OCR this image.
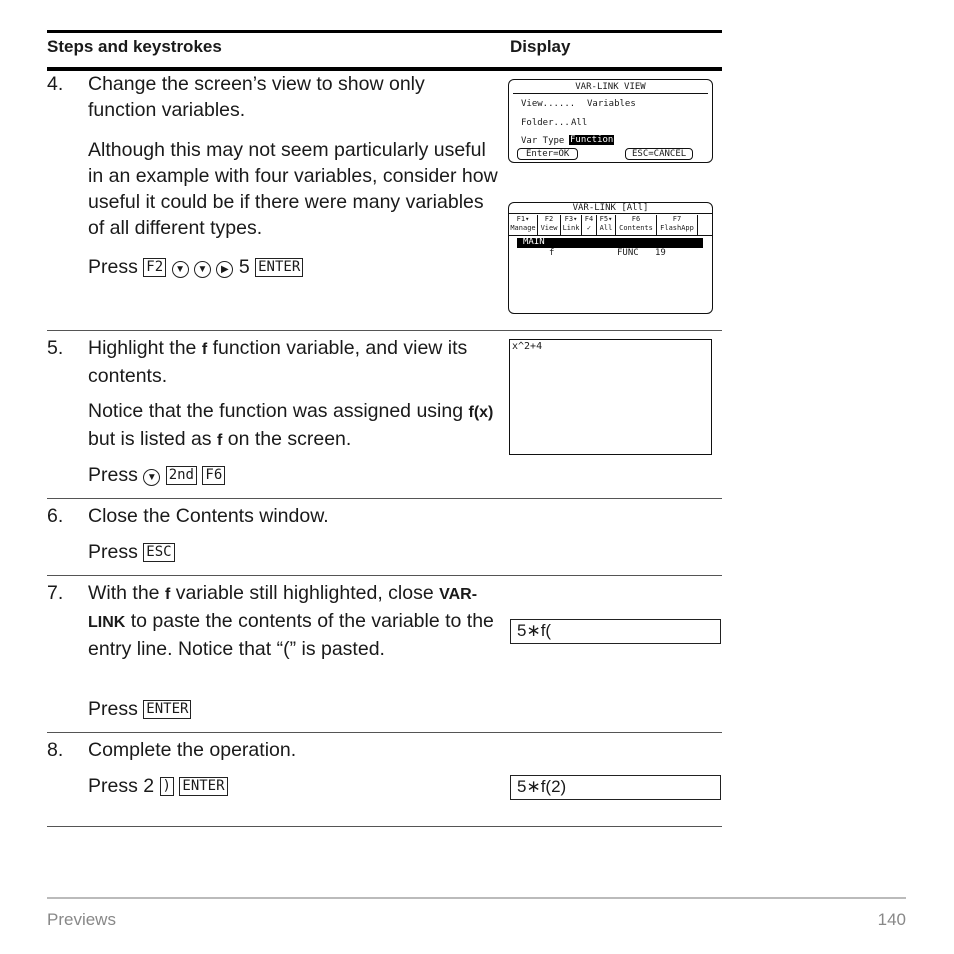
Steps and keystrokes	Display
4. Change the screen’s view to show only function variables.
Although this may not seem particularly useful in an example with four variables, consider how useful it could be if there were many variables of all different types.
Press F2 ▼ ▼ ▶ 5 ENTER
VAR-LINK VIEW
View...... Variables
Folder... All
Var Type Function
Enter=OK	ESC=CANCEL
VAR-LINK [All]
F1▾
Manage
F2
View
F3▾
Link
F4
✓
F5▾
All
F6
Contents
F7
FlashApp
MAIN
f	FUNC 19
5. Highlight the f function variable, and view its contents.
Notice that the function was assigned using f(x) but is listed as f on the screen.
Press ▼ 2nd F6
x^2+4
6. Close the Contents window.
Press ESC
7. With the f variable still highlighted, close VAR-LINK to paste the contents of the variable to the entry line. Notice that “(” is pasted.
Press ENTER
5∗f(
8. Complete the operation.
Press 2 ) ENTER	5∗f(2)
Previews	140
